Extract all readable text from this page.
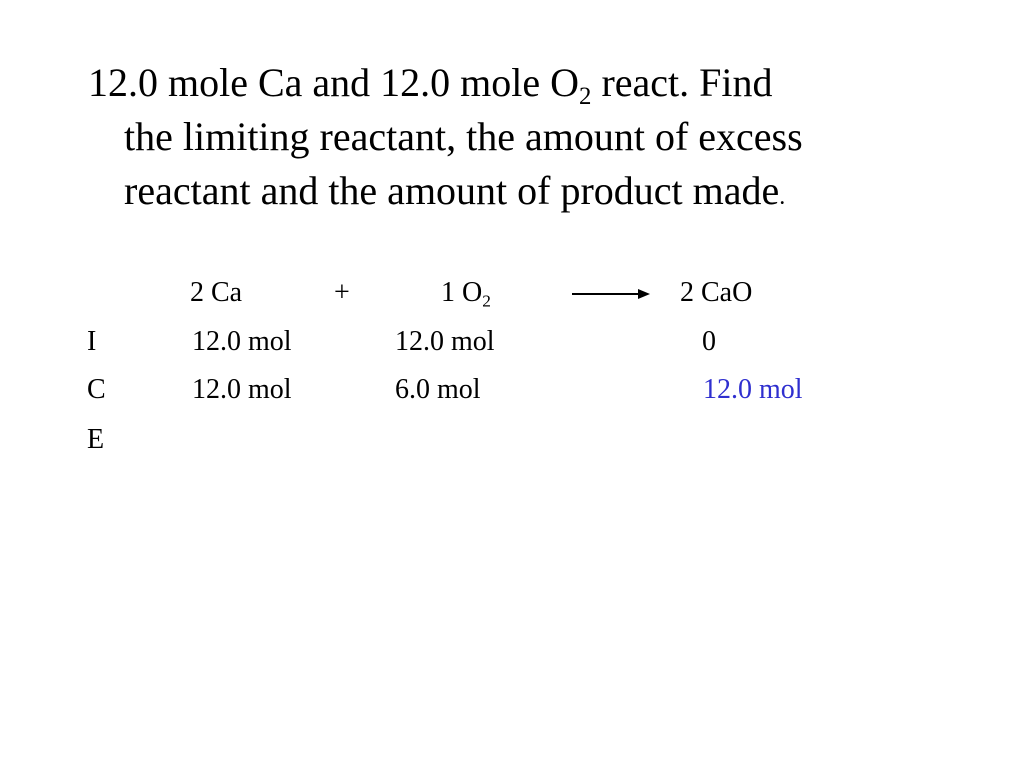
12.0 mole Ca and 12.0 mole $O_2$ react. Find
the limiting reactant, the amount of excess
reactant and the amount of product made.
2 Ca	+	1 $O_2$	2 CaO
I	12.0 mol	12.0 mol	0
C	12.0 mol	6.0 mol	12.0 mol
E
